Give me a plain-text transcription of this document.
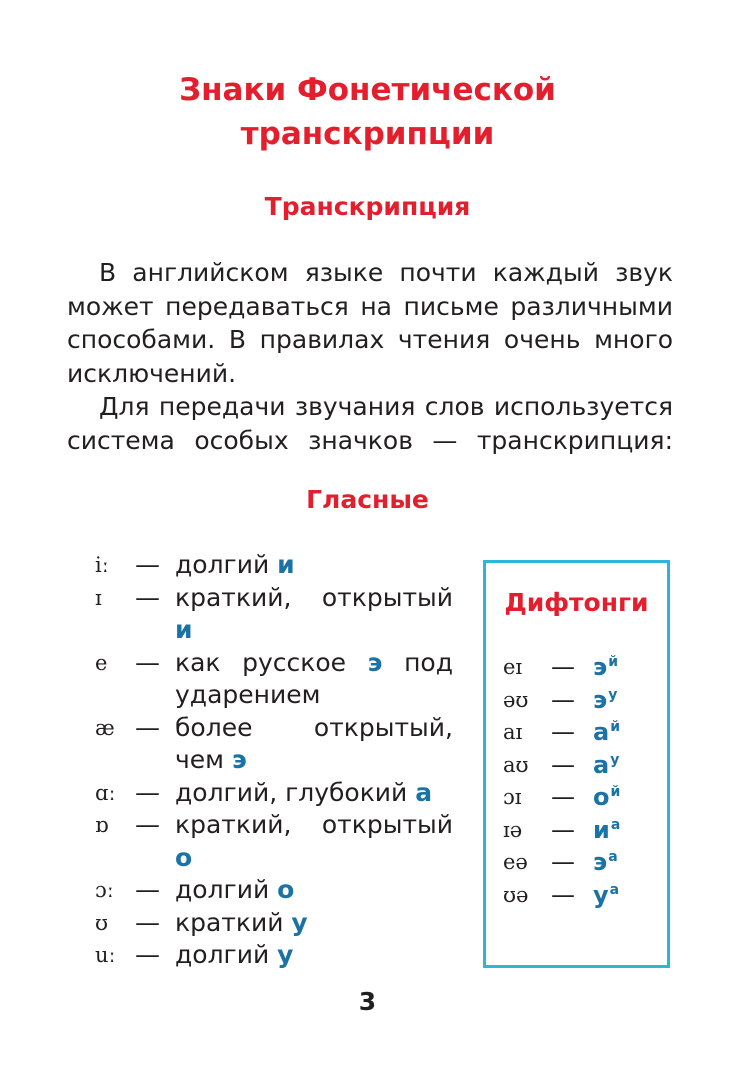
Знаки Фонетической
транскрипции
Транскрипция

В английском языке почти каждый звук может передаваться на письме различными способами. В правилах чтения очень много исключений.

Для передачи звучания слов используется система особых значков — транскрипция:

Гласные
iː	— долгий и
ɪ	— краткий, открытый
и
e	— как русское э под ударением
æ — более открытый, чем э
ɑː — долгий, глубокий а
ɒ	— краткий, открытый
о
ɔː — долгий о
ʊ	— краткий у
uː — долгий у
Дифтонги
eɪ	— $э^й$
əʊ — $э^у$
aɪ	— $а^й$
aʊ — $а^у$
ɔɪ	— $о^й$
ɪə	— $и^а$
eə — $э^а$
ʊə — $у^а$
3
